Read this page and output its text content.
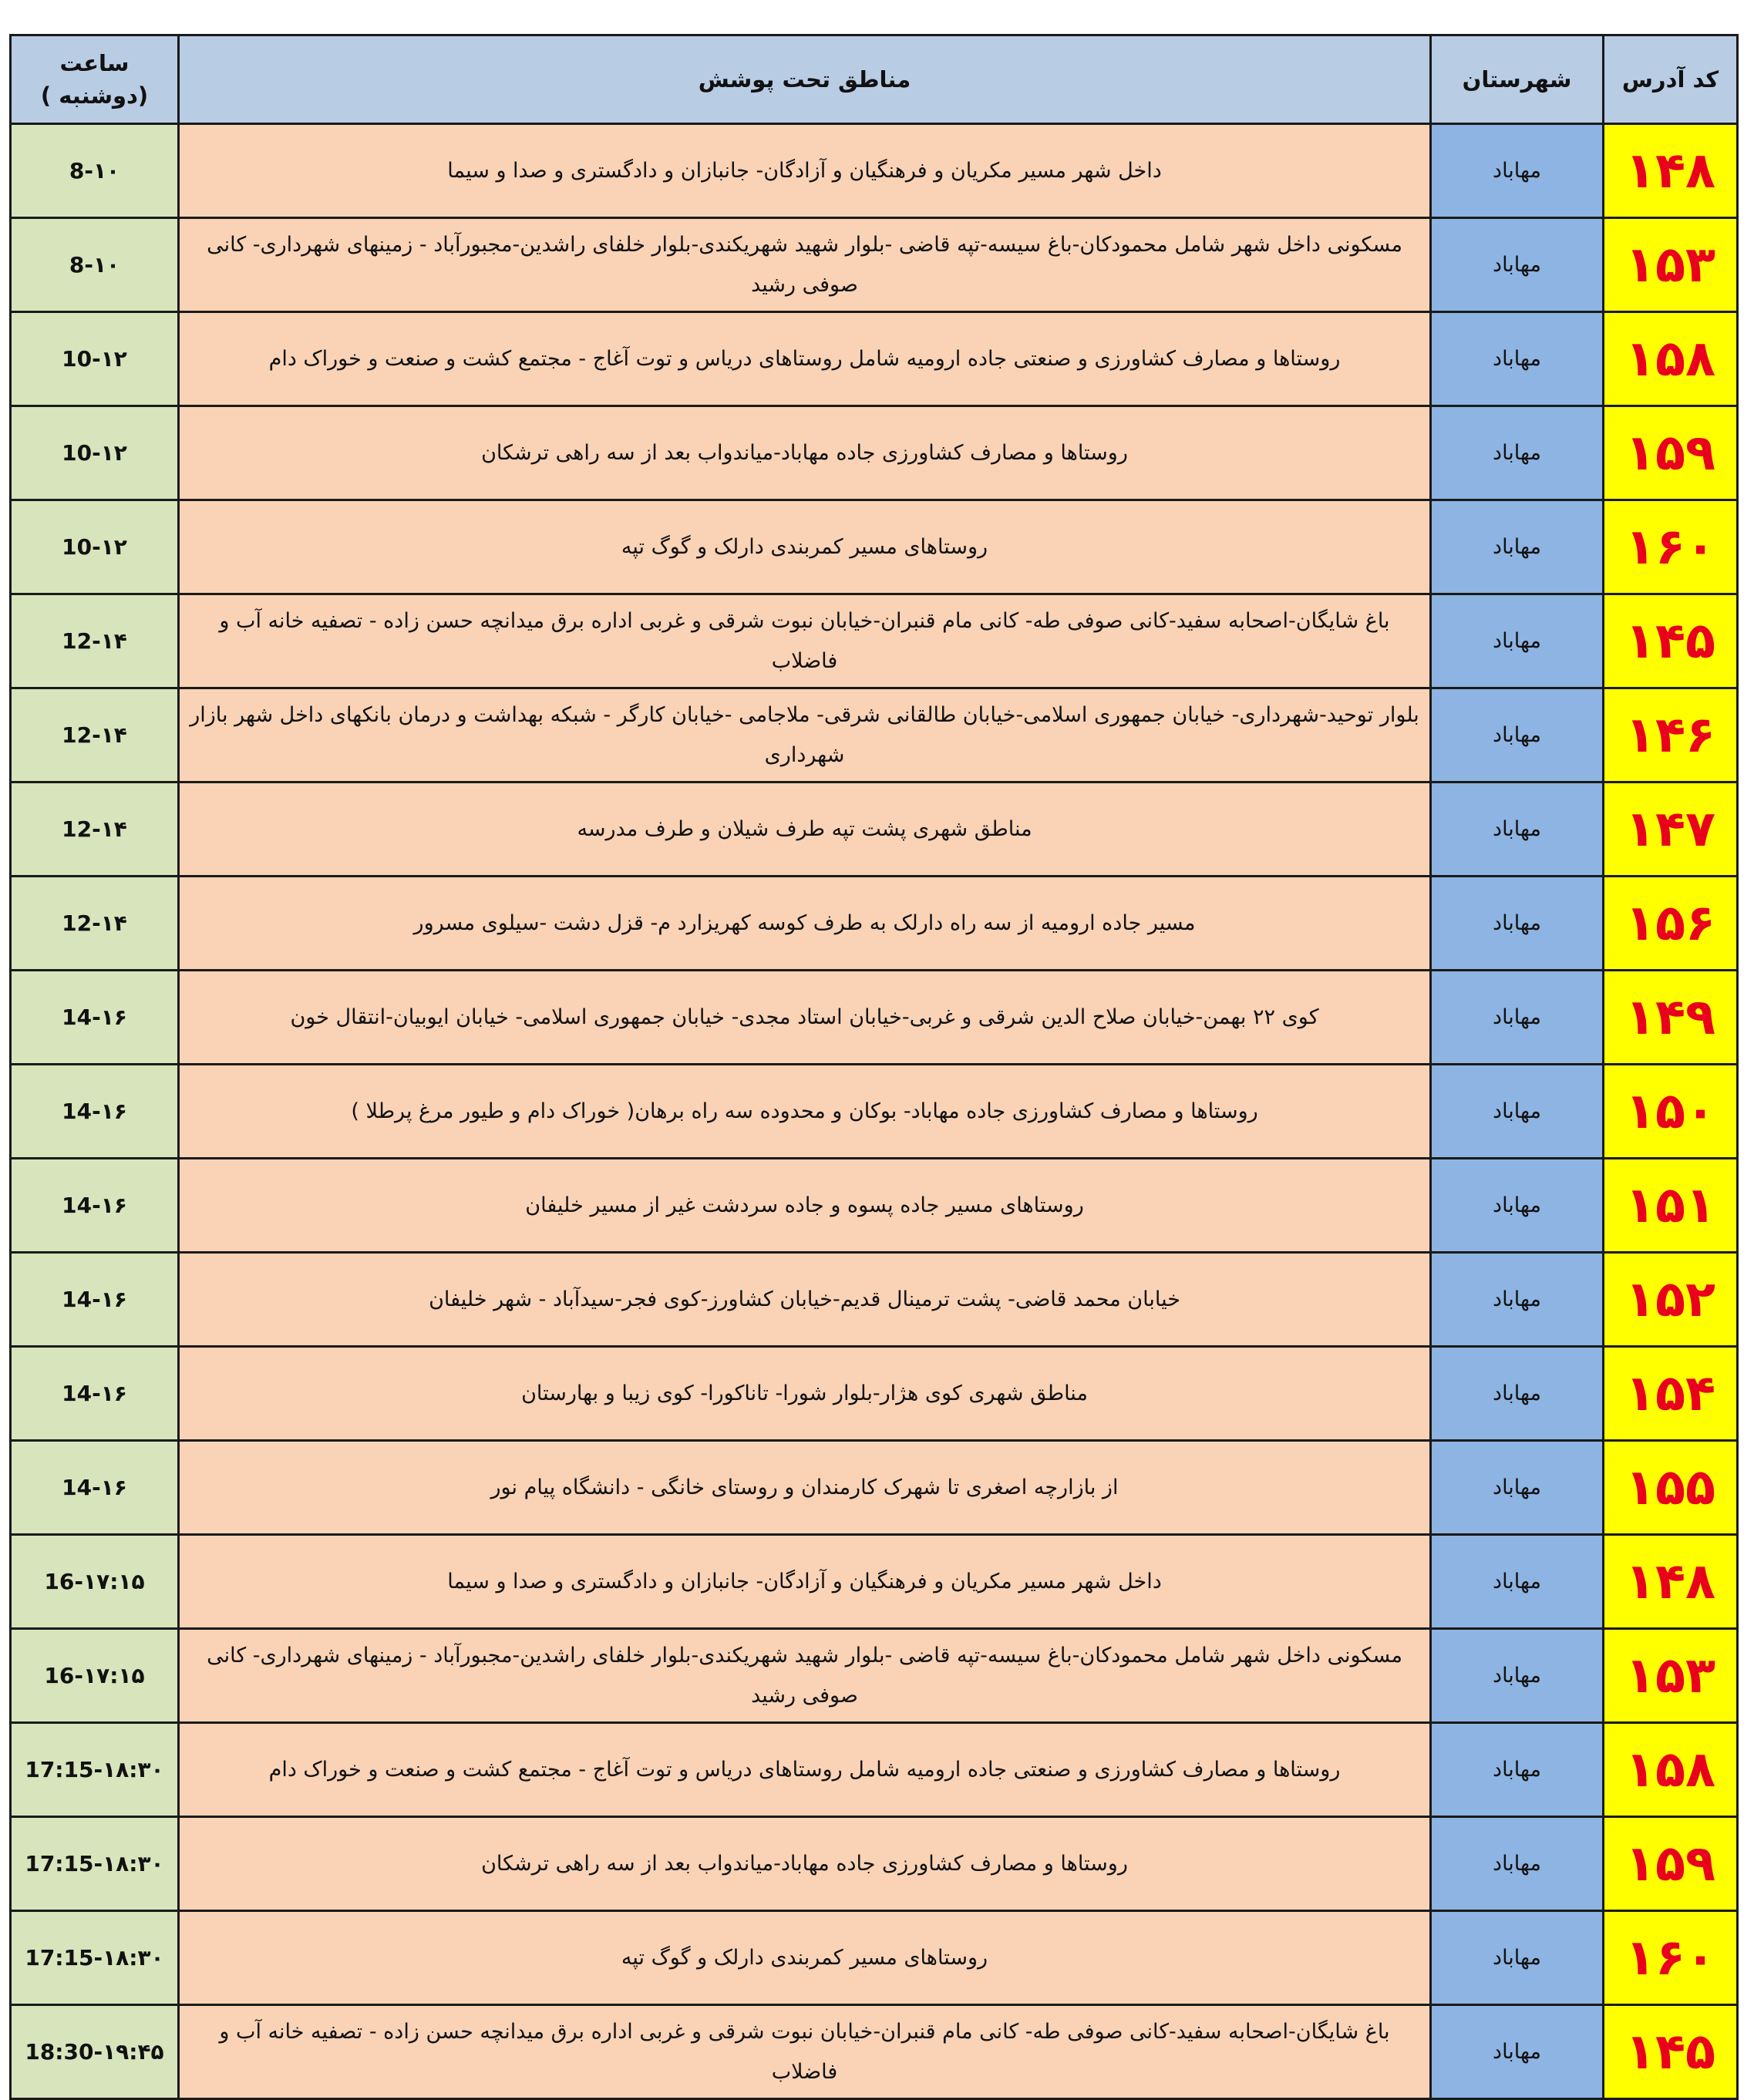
کد آدرس	شهرستان	مناطق تحت پوشش	ساعت
(دوشنبه )

۱۴۸	مهاباد	داخل شهر مسیر مکریان و فرهنگیان و آزادگان- جانبازان و دادگستری و صدا و سیما	8-۱۰
۱۵۳	مهاباد	مسکونی داخل شهر شامل محمودکان-باغ سیسه-تپه قاضی -بلوار شهید شهریکندی-بلوار خلفای راشدین-مجبورآباد - زمینهای شهرداری- کانی صوفی رشید	8-۱۰
۱۵۸	مهاباد	روستاها و مصارف کشاورزی و صنعتی جاده ارومیه شامل روستاهای دریاس و توت آغاج - مجتمع کشت و صنعت و خوراک دام	10-۱۲
۱۵۹	مهاباد	روستاها و مصارف کشاورزی جاده مهاباد-میاندواب بعد از سه راهی ترشکان	10-۱۲
۱۶۰	مهاباد	روستاهای مسیر کمربندی دارلک و گوگ تپه	10-۱۲
۱۴۵	مهاباد	باغ شایگان-اصحابه سفید-کانی صوفی طه- کانی مام قنبران-خیابان نبوت شرقی و غربی اداره برق میدانچه حسن زاده - تصفیه خانه آب و فاضلاب	12-۱۴
۱۴۶	مهاباد	بلوار توحید-شهرداری- خیابان جمهوری اسلامی-خیابان طالقانی شرقی- ملاجامی -خیابان کارگر - شبکه بهداشت و درمان بانکهای داخل شهر بازار شهرداری	12-۱۴
۱۴۷	مهاباد	مناطق شهری پشت تپه طرف شیلان و طرف مدرسه	12-۱۴
۱۵۶	مهاباد	مسیر جاده ارومیه از سه راه دارلک به طرف کوسه کهریزارد م- قزل دشت -سیلوی مسرور	12-۱۴
۱۴۹	مهاباد	کوی ۲۲ بهمن-خیابان صلاح الدین شرقی و غربی-خیابان استاد مجدی- خیابان جمهوری اسلامی- خیابان ایوبیان-انتقال خون	14-۱۶
۱۵۰	مهاباد	روستاها و مصارف کشاورزی جاده مهاباد- بوکان و محدوده سه راه برهان( خوراک دام و طیور مرغ پرطلا )	14-۱۶
۱۵۱	مهاباد	روستاهای مسیر جاده پسوه و جاده سردشت غیر از مسیر خلیفان	14-۱۶
۱۵۲	مهاباد	خیابان محمد قاضی- پشت ترمینال قدیم-خیابان کشاورز-کوی فجر-سیدآباد - شهر خلیفان	14-۱۶
۱۵۴	مهاباد	مناطق شهری کوی هژار-بلوار شورا- تاناکورا- کوی زیبا و بهارستان	14-۱۶
۱۵۵	مهاباد	از بازارچه اصغری تا شهرک کارمندان و روستای خانگی - دانشگاه پیام نور	14-۱۶
۱۴۸	مهاباد	داخل شهر مسیر مکریان و فرهنگیان و آزادگان- جانبازان و دادگستری و صدا و سیما	16-۱۷:۱۵
۱۵۳	مهاباد	مسکونی داخل شهر شامل محمودکان-باغ سیسه-تپه قاضی -بلوار شهید شهریکندی-بلوار خلفای راشدین-مجبورآباد - زمینهای شهرداری- کانی صوفی رشید	16-۱۷:۱۵
۱۵۸	مهاباد	روستاها و مصارف کشاورزی و صنعتی جاده ارومیه شامل روستاهای دریاس و توت آغاج - مجتمع کشت و صنعت و خوراک دام	17:15-۱۸:۳۰
۱۵۹	مهاباد	روستاها و مصارف کشاورزی جاده مهاباد-میاندواب بعد از سه راهی ترشکان	17:15-۱۸:۳۰
۱۶۰	مهاباد	روستاهای مسیر کمربندی دارلک و گوگ تپه	17:15-۱۸:۳۰
۱۴۵	مهاباد	باغ شایگان-اصحابه سفید-کانی صوفی طه- کانی مام قنبران-خیابان نبوت شرقی و غربی اداره برق میدانچه حسن زاده - تصفیه خانه آب و فاضلاب	18:30-۱۹:۴۵
